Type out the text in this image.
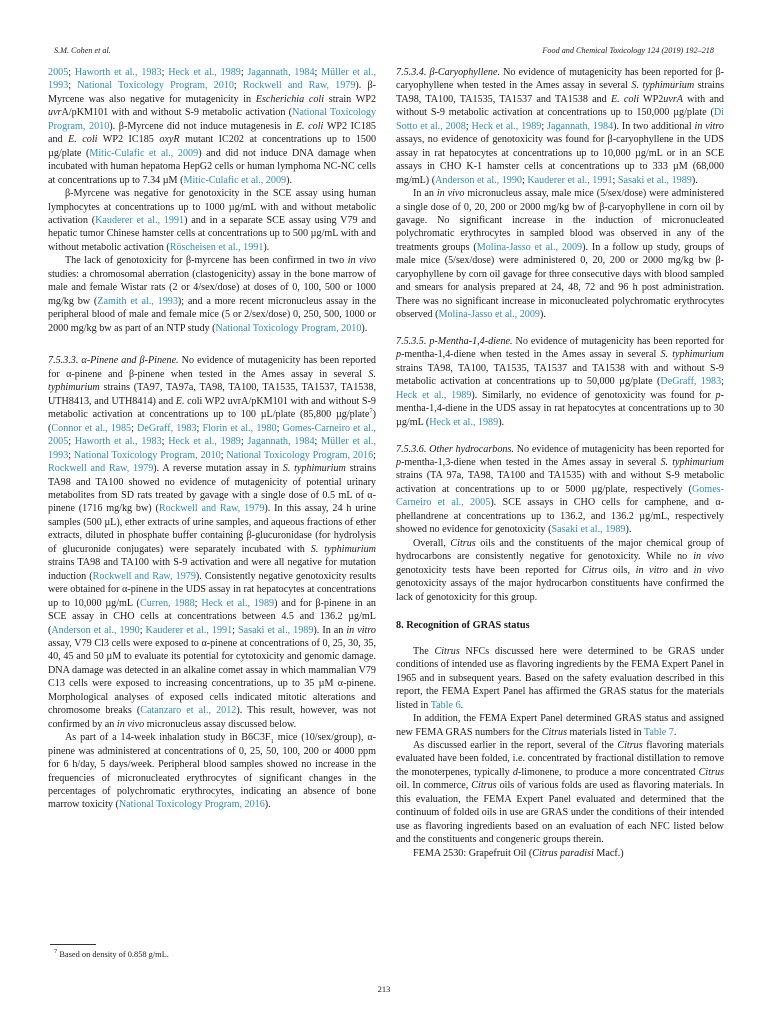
S.M. Cohen et al.	Food and Chemical Toxicology 124 (2019) 192–218

2005; Haworth et al., 1983; Heck et al., 1989; Jagannath, 1984; Müller et al., 1993; National Toxicology Program, 2010; Rockwell and Raw, 1979). β-Myrcene was also negative for mutagenicity in Escherichia coli strain WP2 uvrA/pKM101 with and without S-9 metabolic activation (National Toxicology Program, 2010). β-Myrcene did not induce mutagenesis in E. coli WP2 IC185 and E. coli WP2 IC185 oxyR mutant IC202 at concentrations up to 1500 µg/plate (Mitic-Culafic et al., 2009) and did not induce DNA damage when incubated with human hepatoma HepG2 cells or human lymphoma NC-NC cells at concentrations up to 7.34 µM (Mitic-Culafic et al., 2009).

β-Myrcene was negative for genotoxicity in the SCE assay using human lymphocytes at concentrations up to 1000 µg/mL with and without metabolic activation (Kauderer et al., 1991) and in a separate SCE assay using V79 and hepatic tumor Chinese hamster cells at concentrations up to 500 µg/mL with and without metabolic activation (Röscheisen et al., 1991).

The lack of genotoxicity for β-myrcene has been confirmed in two in vivo studies: a chromosomal aberration (clastogenicity) assay in the bone marrow of male and female Wistar rats (2 or 4/sex/dose) at doses of 0, 100, 500 or 1000 mg/kg bw (Zamith et al., 1993); and a more recent micronucleus assay in the peripheral blood of male and female mice (5 or 2/sex/dose) 0, 250, 500, 1000 or 2000 mg/kg bw as part of an NTP study (National Toxicology Program, 2010).

7.5.3.3. α-Pinene and β-Pinene. No evidence of mutagenicity has been reported for α-pinene and β-pinene when tested in the Ames assay in several S. typhimurium strains (TA97, TA97a, TA98, TA100, TA1535, TA1537, TA1538, UTH8413, and UTH8414) and E. coli WP2 uvrA/pKM101 with and without S-9 metabolic activation at concentrations up to 100 µL/plate (85,800 µg/plate$^7$) (Connor et al., 1985; DeGraff, 1983; Florin et al., 1980; Gomes-Carneiro et al., 2005; Haworth et al., 1983; Heck et al., 1989; Jagannath, 1984; Müller et al., 1993; National Toxicology Program, 2010; National Toxicology Program, 2016; Rockwell and Raw, 1979). A reverse mutation assay in S. typhimurium strains TA98 and TA100 showed no evidence of mutagenicity of potential urinary metabolites from SD rats treated by gavage with a single dose of 0.5 mL of α-pinene (1716 mg/kg bw) (Rockwell and Raw, 1979). In this assay, 24 h urine samples (500 µL), ether extracts of urine samples, and aqueous fractions of ether extracts, diluted in phosphate buffer containing β-glucuronidase (for hydrolysis of glucuronide conjugates) were separately incubated with S. typhimurium strains TA98 and TA100 with S-9 activation and were all negative for mutation induction (Rockwell and Raw, 1979). Consistently negative genotoxicity results were obtained for α-pinene in the UDS assay in rat hepatocytes at concentrations up to 10,000 µg/mL (Curren, 1988; Heck et al., 1989) and for β-pinene in an SCE assay in CHO cells at concentrations between 4.5 and 136.2 µg/mL (Anderson et al., 1990; Kauderer et al., 1991; Sasaki et al., 1989). In an in vitro assay, V79 Cl3 cells were exposed to α-pinene at concentrations of 0, 25, 30, 35, 40, 45 and 50 µM to evaluate its potential for cytotoxicity and genomic damage. DNA damage was detected in an alkaline comet assay in which mammalian V79 C13 cells were exposed to increasing concentrations, up to 35 µM α-pinene. Morphological analyses of exposed cells indicated mitotic alterations and chromosome breaks (Catanzaro et al., 2012). This result, however, was not confirmed by an in vivo micronucleus assay discussed below.

As part of a 14-week inhalation study in $B6C3F_1$ mice (10/sex/group), α-pinene was administered at concentrations of 0, 25, 50, 100, 200 or 4000 ppm for 6 h/day, 5 days/week. Peripheral blood samples showed no increase in the frequencies of micronucleated erythrocytes of significant changes in the percentages of polychromatic erythrocytes, indicating an absence of bone marrow toxicity (National Toxicology Program, 2016).

7.5.3.4. β-Caryophyllene. No evidence of mutagenicity has been reported for β-caryophyllene when tested in the Ames assay in several S. typhimurium strains TA98, TA100, TA1535, TA1537 and TA1538 and E. coli WP2uvrA with and without S-9 metabolic activation at concentrations up to 150,000 µg/plate (Di Sotto et al., 2008; Heck et al., 1989; Jagannath, 1984). In two additional in vitro assays, no evidence of genotoxicity was found for β-caryophyllene in the UDS assay in rat hepatocytes at concentrations up to 10,000 µg/mL or in an SCE assays in CHO K-1 hamster cells at concentrations up to 333 µM (68,000 mg/mL) (Anderson et al., 1990; Kauderer et al., 1991; Sasaki et al., 1989).

In an in vivo micronucleus assay, male mice (5/sex/dose) were administered a single dose of 0, 20, 200 or 2000 mg/kg bw of β-caryophyllene in corn oil by gavage. No significant increase in the induction of micronucleated polychromatic erythrocytes in sampled blood was observed in any of the treatments groups (Molina-Jasso et al., 2009). In a follow up study, groups of male mice (5/sex/dose) were administered 0, 20, 200 or 2000 mg/kg bw β-caryophyllene by corn oil gavage for three consecutive days with blood sampled and smears for analysis prepared at 24, 48, 72 and 96 h post administration. There was no significant increase in miconucleated polychromatic erythrocytes observed (Molina-Jasso et al., 2009).

7.5.3.5. p-Mentha-1,4-diene. No evidence of mutagenicity has been reported for p-mentha-1,4-diene when tested in the Ames assay in several S. typhimurium strains TA98, TA100, TA1535, TA1537 and TA1538 with and without S-9 metabolic activation at concentrations up to 50,000 µg/plate (DeGraff, 1983; Heck et al., 1989). Similarly, no evidence of genotoxicity was found for p-mentha-1,4-diene in the UDS assay in rat hepatocytes at concentrations up to 30 µg/mL (Heck et al., 1989).

7.5.3.6. Other hydrocarbons. No evidence of mutagenicity has been reported for p-mentha-1,3-diene when tested in the Ames assay in several S. typhimurium strains (TA 97a, TA98, TA100 and TA1535) with and without S-9 metabolic activation at concentrations up to or 5000 µg/plate, respectively (Gomes-Carneiro et al., 2005). SCE assays in CHO cells for camphene, and α-phellandrene at concentrations up to 136.2, and 136.2 µg/mL, respectively showed no evidence for genotoxicity (Sasaki et al., 1989).

Overall, Citrus oils and the constituents of the major chemical group of hydrocarbons are consistently negative for genotoxicity. While no in vivo genotoxicity tests have been reported for Citrus oils, in vitro and in vivo genotoxicity assays of the major hydrocarbon constituents have confirmed the lack of genotoxicity for this group.

8. Recognition of GRAS status

The Citrus NFCs discussed here were determined to be GRAS under conditions of intended use as flavoring ingredients by the FEMA Expert Panel in 1965 and in subsequent years. Based on the safety evaluation described in this report, the FEMA Expert Panel has affirmed the GRAS status for the materials listed in Table 6.

In addition, the FEMA Expert Panel determined GRAS status and assigned new FEMA GRAS numbers for the Citrus materials listed in Table 7.

As discussed earlier in the report, several of the Citrus flavoring materials evaluated have been folded, i.e. concentrated by fractional distillation to remove the monoterpenes, typically d-limonene, to produce a more concentrated Citrus oil. In commerce, Citrus oils of various folds are used as flavoring materials. In this evaluation, the FEMA Expert Panel evaluated and determined that the continuum of folded oils in use are GRAS under the conditions of their intended use as flavoring ingredients based on an evaluation of each NFC listed below and the constituents and congeneric groups therein.

FEMA 2530: Grapefruit Oil (Citrus paradisi Macf.)

$^7$ Based on density of 0.858 g/mL.
213
